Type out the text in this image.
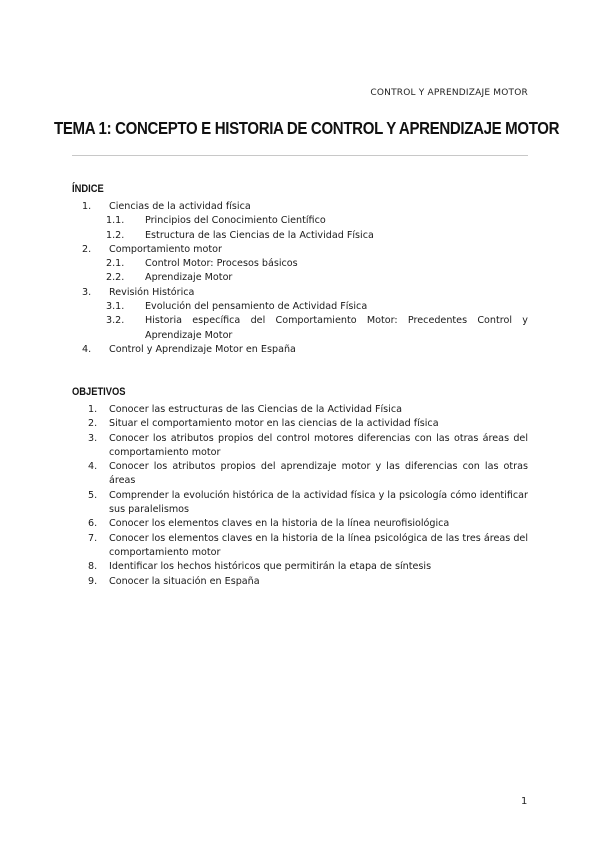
CONTROL Y APRENDIZAJE MOTOR
TEMA 1: CONCEPTO E HISTORIA DE CONTROL Y APRENDIZAJE MOTOR
ÍNDICE
1. Ciencias de la actividad física
1.1. Principios del Conocimiento Científico
1.2. Estructura de las Ciencias de la Actividad Física
2. Comportamiento motor
2.1. Control Motor: Procesos básicos
2.2. Aprendizaje Motor
3. Revisión Histórica
3.1. Evolución del pensamiento de Actividad Física
3.2. Historia específica del Comportamiento Motor: Precedentes Control y Aprendizaje Motor
4. Control y Aprendizaje Motor en España
OBJETIVOS
1. Conocer las estructuras de las Ciencias de la Actividad Física
2. Situar el comportamiento motor en las ciencias de la actividad física
3. Conocer los atributos propios del control motores diferencias con las otras áreas del comportamiento motor
4. Conocer los atributos propios del aprendizaje motor y las diferencias con las otras áreas
5. Comprender la evolución histórica de la actividad física y la psicología cómo identificar sus paralelismos
6. Conocer los elementos claves en la historia de la línea neurofisiológica
7. Conocer los elementos claves en la historia de la línea psicológica de las tres áreas del comportamiento motor
8. Identificar los hechos históricos que permitirán la etapa de síntesis
9. Conocer la situación en España
1
